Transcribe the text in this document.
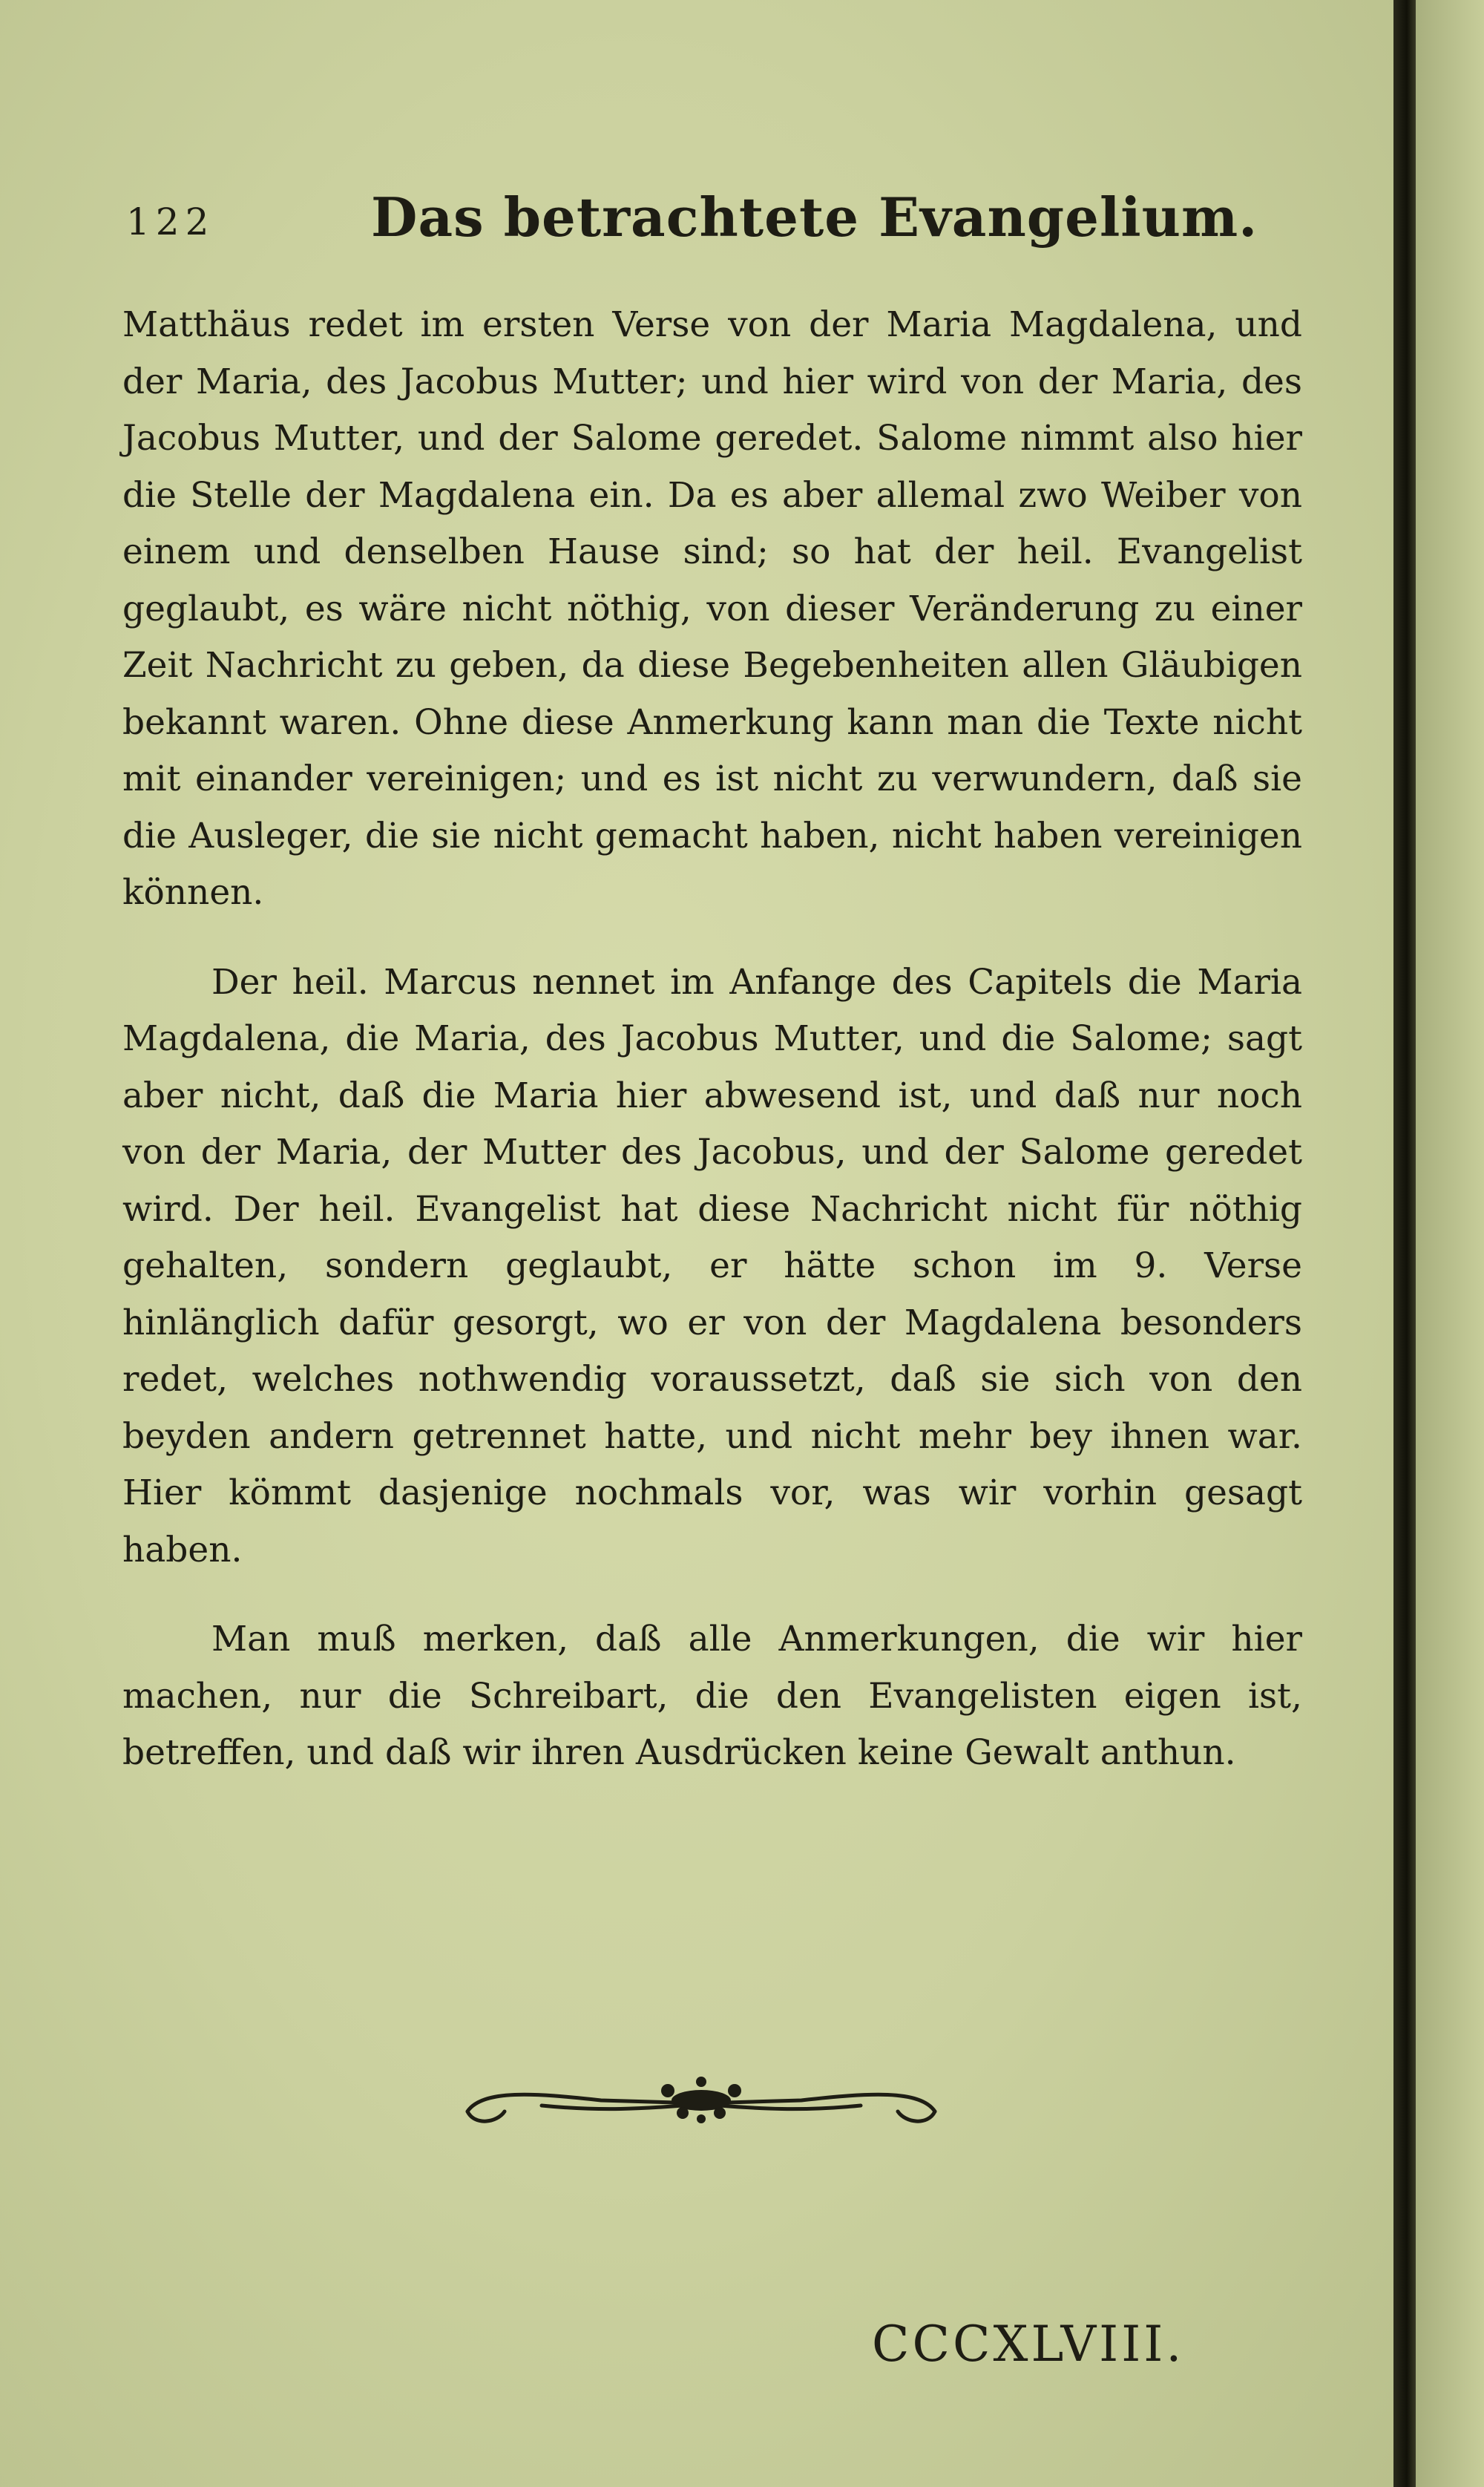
122	Das betrachtete Evangelium.

Matthäus redet im ersten Verse von der Maria Magdalena, und der Maria, des Jacobus Mutter; und hier wird von der Maria, des Jacobus Mutter, und der Salome geredet. Salome nimmt also hier die Stelle der Magdalena ein. Da es aber allemal zwo Weiber von einem und denselben Hause sind; so hat der heil. Evangelist geglaubt, es wäre nicht nöthig, von dieser Veränderung zu einer Zeit Nachricht zu geben, da diese Begebenheiten allen Gläubigen bekannt waren. Ohne diese Anmerkung kann man die Texte nicht mit einander vereinigen; und es ist nicht zu verwundern, daß sie die Ausleger, die sie nicht gemacht haben, nicht haben vereinigen können.

Der heil. Marcus nennet im Anfange des Capitels die Maria Magdalena, die Maria, des Jacobus Mutter, und die Salome; sagt aber nicht, daß die Maria hier abwesend ist, und daß nur noch von der Maria, der Mutter des Jacobus, und der Salome geredet wird. Der heil. Evangelist hat diese Nachricht nicht für nöthig gehalten, sondern geglaubt, er hätte schon im 9. Verse hinlänglich dafür gesorgt, wo er von der Magdalena besonders redet, welches nothwendig voraussetzt, daß sie sich von den beyden andern getrennet hatte, und nicht mehr bey ihnen war. Hier kömmt dasjenige nochmals vor, was wir vorhin gesagt haben.

Man muß merken, daß alle Anmerkungen, die wir hier machen, nur die Schreibart, die den Evangelisten eigen ist, betreffen, und daß wir ihren Ausdrücken keine Gewalt anthun.

CCCXLVIII.
